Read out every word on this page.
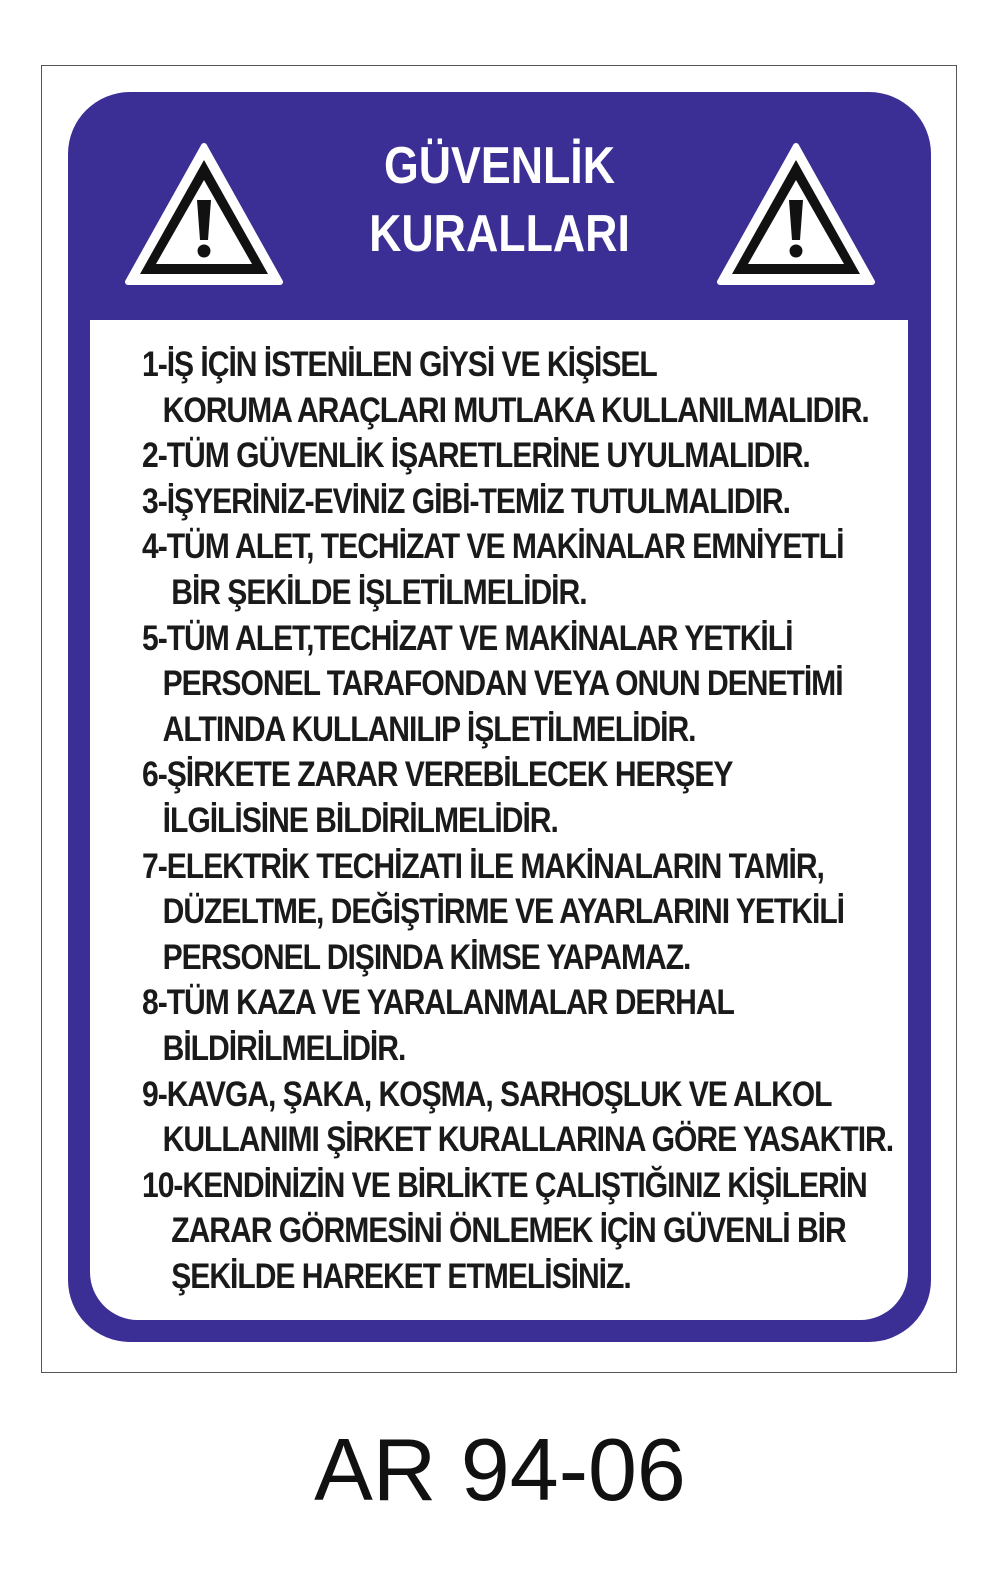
GÜVENLİK
KURALLARI
1-İŞ İÇİN İSTENİLEN GİYSİ VE KİŞİSEL
KORUMA ARAÇLARI MUTLAKA KULLANILMALIDIR.
2-TÜM GÜVENLİK İŞARETLERİNE UYULMALIDIR.
3-İŞYERİNİZ-EVİNİZ GİBİ-TEMİZ TUTULMALIDIR.
4-TÜM ALET, TECHİZAT VE MAKİNALAR EMNİYETLİ
BİR ŞEKİLDE İŞLETİLMELİDİR.
5-TÜM ALET,TECHİZAT VE MAKİNALAR YETKİLİ
PERSONEL TARAFONDAN VEYA ONUN DENETİMİ
ALTINDA KULLANILIP İŞLETİLMELİDİR.
6-ŞİRKETE ZARAR VEREBİLECEK HERŞEY
İLGİLİSİNE BİLDİRİLMELİDİR.
7-ELEKTRİK TECHİZATI İLE MAKİNALARIN TAMİR,
DÜZELTME, DEĞİŞTİRME VE AYARLARINI YETKİLİ
PERSONEL DIŞINDA KİMSE YAPAMAZ.
8-TÜM KAZA VE YARALANMALAR DERHAL
BİLDİRİLMELİDİR.
9-KAVGA, ŞAKA, KOŞMA, SARHOŞLUK VE ALKOL
KULLANIMI ŞİRKET KURALLARINA GÖRE YASAKTIR.
10-KENDİNİZİN VE BİRLİKTE ÇALIŞTIĞINIZ KİŞİLERİN
ZARAR GÖRMESİNİ ÖNLEMEK İÇİN GÜVENLİ BİR
ŞEKİLDE HAREKET ETMELİSİNİZ.
AR 94-06
